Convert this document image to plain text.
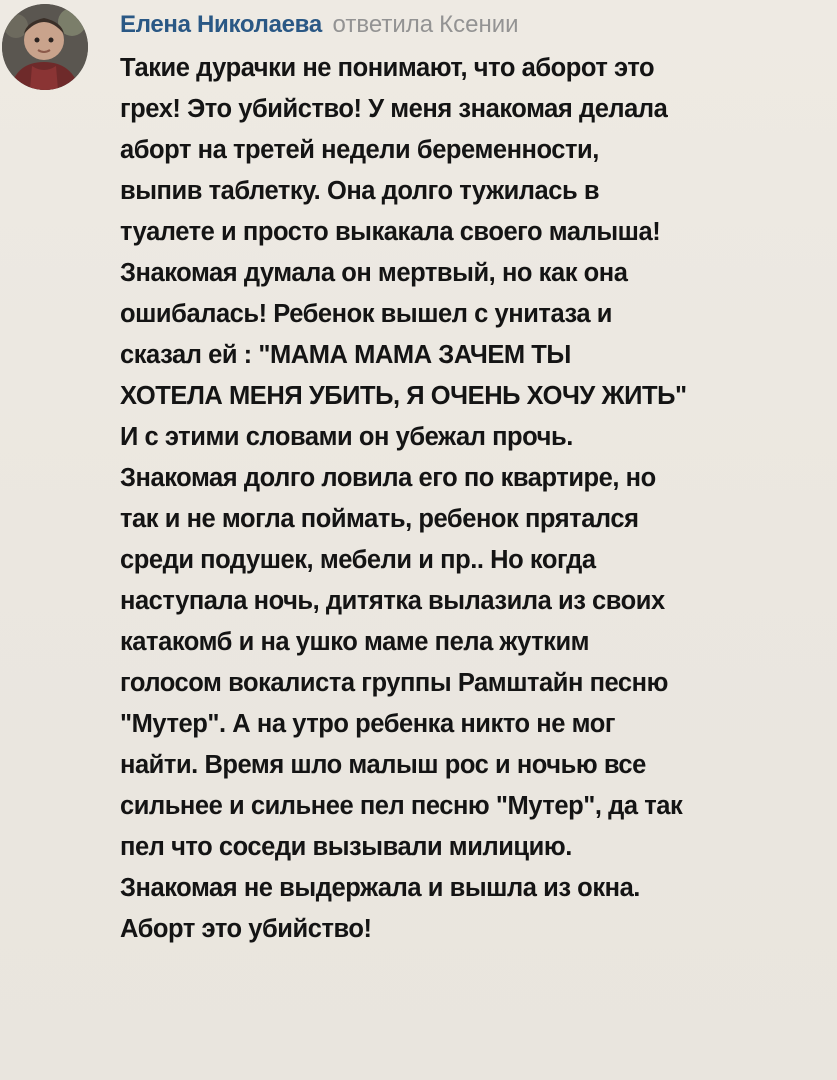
Елена Николаева ответила Ксении
Такие дурачки не понимают, что аборот это
грех! Это убийство! У меня знакомая делала
аборт на третей недели беременности,
выпив таблетку. Она долго тужилась в
туалете и просто выкакала своего малыша!
Знакомая думала он мертвый, но как она
ошибалась! Ребенок вышел с унитаза и
сказал ей : "МАМА МАМА ЗАЧЕМ ТЫ
ХОТЕЛА МЕНЯ УБИТЬ, Я ОЧЕНЬ ХОЧУ ЖИТЬ"
И с этими словами он убежал прочь.
Знакомая долго ловила его по квартире, но
так и не могла поймать, ребенок прятался
среди подушек, мебели и пр.. Но когда
наступала ночь, дитятка вылазила из своих
катакомб и на ушко маме пела жутким
голосом вокалиста группы Рамштайн песню
"Мутер". А на утро ребенка никто не мог
найти. Время шло малыш рос и ночью все
сильнее и сильнее пел песню "Мутер", да так
пел что соседи вызывали милицию.
Знакомая не выдержала и вышла из окна.
Аборт это убийство!
